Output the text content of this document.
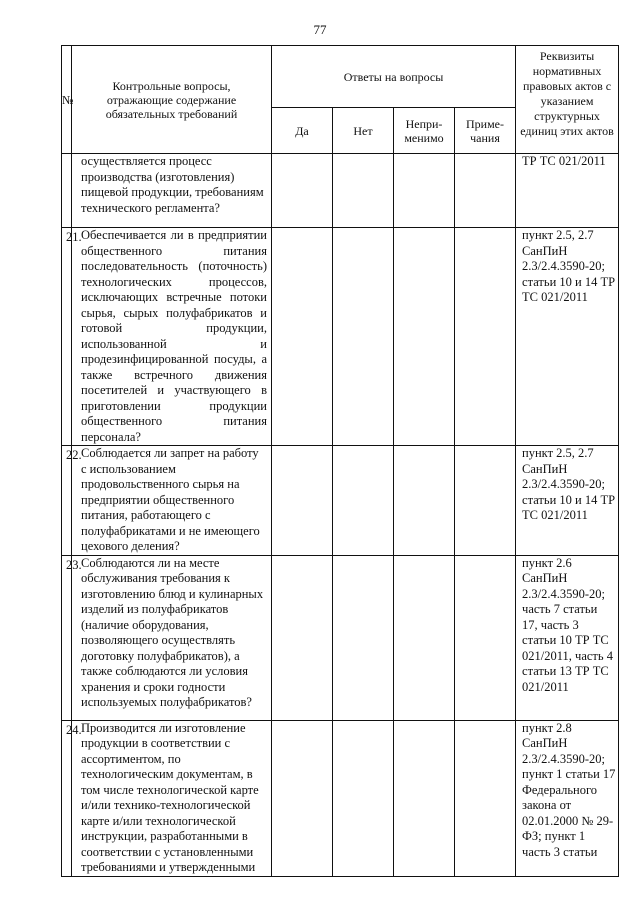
77
№	Контрольные вопросы, отражающие содержание обязательных требований	Ответы на вопросы				Реквизиты нормативных правовых актов с указанием структурных единиц этих актов
		Да	Нет	Непри-менимо	Приме-чания	
	осуществляется процесс производства (изготовления) пищевой продукции, требованиям технического регламента?					ТР ТС 021/2011
21.	Обеспечивается ли в предприятии общественного питания последовательность (поточность) технологических процессов, исключающих встречные потоки сырья, сырых полуфабрикатов и готовой продукции, использованной и продезинфицированной посуды, а также встречного движения посетителей и участвующего в приготовлении продукции общественного питания персонала?					пункт 2.5, 2.7 СанПиН 2.3/2.4.3590-20; статьи 10 и 14 ТР ТС 021/2011
22.	Соблюдается ли запрет на работу с использованием продовольственного сырья на предприятии общественного питания, работающего с полуфабрикатами и не имеющего цехового деления?					пункт 2.5, 2.7 СанПиН 2.3/2.4.3590-20; статьи 10 и 14 ТР ТС 021/2011
23.	Соблюдаются ли на месте обслуживания требования к изготовлению блюд и кулинарных изделий из полуфабрикатов (наличие оборудования, позволяющего осуществлять доготовку полуфабрикатов), а также соблюдаются ли условия хранения и сроки годности используемых полуфабрикатов?					пункт 2.6 СанПиН 2.3/2.4.3590-20; часть 7 статьи 17, часть 3 статьи 10 ТР ТС 021/2011, часть 4 статьи 13 ТР ТС 021/2011
24.	Производится ли изготовление продукции в соответствии с ассортиментом, по технологическим документам, в том числе технологической карте и/или технико-технологической карте и/или технологической инструкции, разработанными в соответствии с установленными требованиями и утвержденными					пункт 2.8 СанПиН 2.3/2.4.3590-20; пункт 1 статьи 17 Федерального закона от 02.01.2000 № 29-ФЗ; пункт 1 часть 3 статьи
